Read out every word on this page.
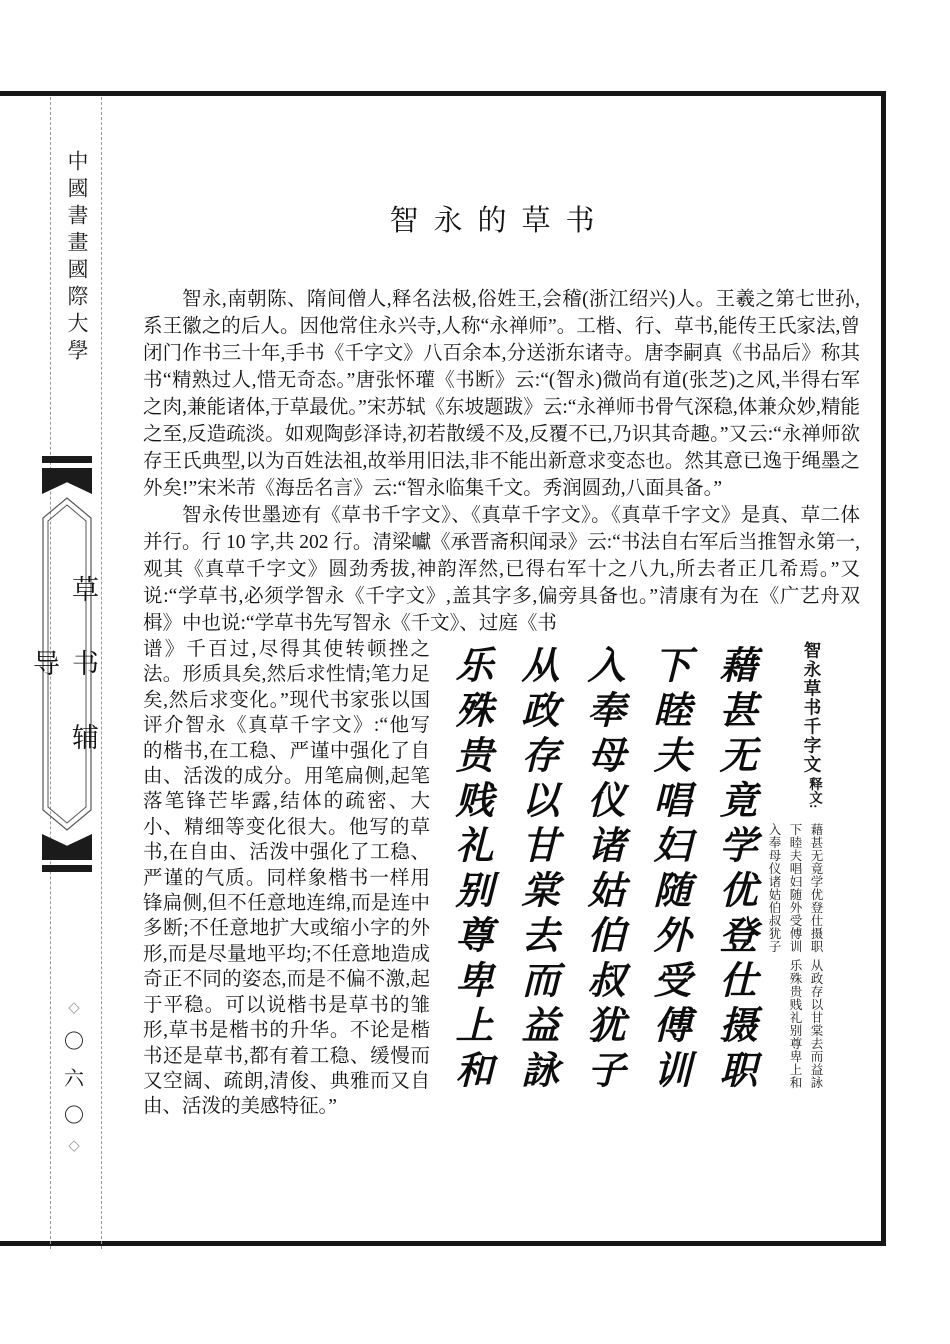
中國書畫國際大學
草书辅导
◇
〇
六
〇
◇
智永的草书

智永,南朝陈、隋间僧人,释名法极,俗姓王,会稽(浙江绍兴)人。王羲之第七世孙,系王徽之的后人。因他常住永兴寺,人称“永禅师”。工楷、行、草书,能传王氏家法,曾闭门作书三十年,手书《千字文》八百余本,分送浙东诸寺。唐李嗣真《书品后》称其书“精熟过人,惜无奇态。”唐张怀瓘《书断》云:“(智永)微尚有道(张芝)之风,半得右军之肉,兼能诸体,于草最优。”宋苏轼《东坡题跋》云:“永禅师书骨气深稳,体兼众妙,精能之至,反造疏淡。如观陶彭泽诗,初若散缓不及,反覆不已,乃识其奇趣。”又云:“永禅师欲存王氏典型,以为百姓法祖,故举用旧法,非不能出新意求变态也。然其意已逸于绳墨之外矣!”宋米芾《海岳名言》云:“智永临集千文。秀润圆劲,八面具备。”

智永传世墨迹有《草书千字文》、《真草千字文》。《真草千字文》是真、草二体并行。行 10 字,共 202 行。清梁巘《承晋斋积闻录》云:“书法自右军后当推智永第一,观其《真草千字文》圆劲秀拔,神韵浑然,已得右军十之八九,所去者正几希焉。”又说:“学草书,必须学智永《千字文》,盖其字多,偏旁具备也。”清康有为在《广艺舟双楫》中也说:“学草书先写智永《千文》、过庭《书

谱》千百过,尽得其使转顿挫之法。形质具矣,然后求性情;笔力足矣,然后求变化。”现代书家张以国评介智永《真草千字文》:“他写的楷书,在工稳、严谨中强化了自由、活泼的成分。用笔扁侧,起笔落笔锋芒毕露,结体的疏密、大小、精细等变化很大。他写的草书,在自由、活泼中强化了工稳、严谨的气质。同样象楷书一样用锋扁侧,但不任意地连绵,而是连中多断;不任意地扩大或缩小字的外形,而是尽量地平均;不任意地造成奇正不同的姿态,而是不偏不激,起于平稳。可以说楷书是草书的雏形,草书是楷书的升华。不论是楷书还是草书,都有着工稳、缓慢而又空阔、疏朗,清俊、典雅而又自由、活泼的美感特征。”
藉甚无竟学优登仕摄职
下睦夫唱妇随外受傅训
入奉母仪诸姑伯叔犹子
从政存以甘棠去而益詠
乐殊贵贱礼别尊卑上和	智永草书千字文
释文:
藉甚无竟学优登仕摄职
从政存以甘棠去而益詠
下睦夫唱妇随外受傅训
乐殊贵贱礼别尊卑上和
入奉母仪诸姑伯叔犹子
